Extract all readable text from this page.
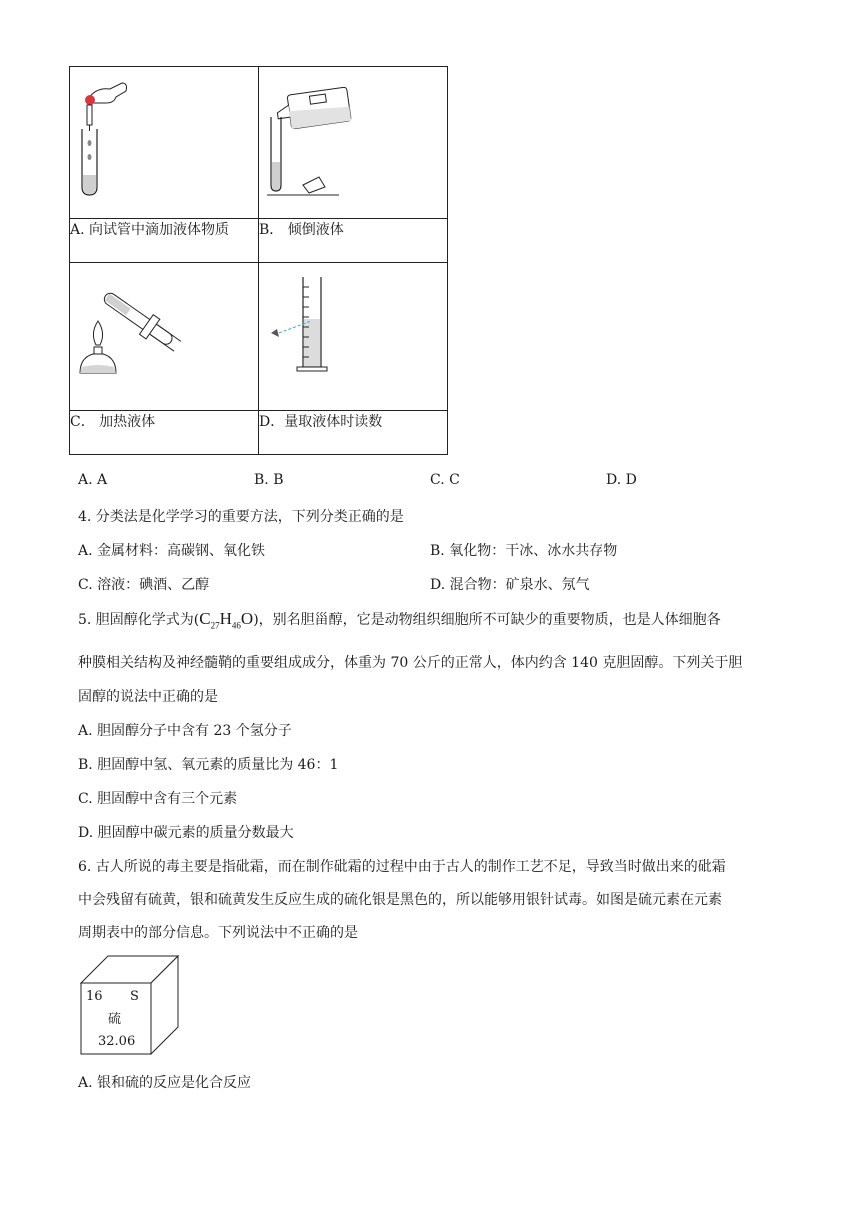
A. 向试管中滴加液体物质	B． 倾倒液体

C． 加热液体	D．量取液体时读数
A. A	B. B	C. C	D. D
4. 分类法是化学学习的重要方法，下列分类正确的是
A. 金属材料：高碳钢、氧化铁	B. 氧化物：干冰、冰水共存物
C. 溶液：碘酒、乙醇	D. 混合物：矿泉水、氖气
5. 胆固醇化学式为$(C_{27}H_{46}O)$，别名胆甾醇，它是动物组织细胞所不可缺少的重要物质，也是人体细胞各
种膜相关结构及神经髓鞘的重要组成成分，体重为 70 公斤的正常人，体内约含 140 克胆固醇。下列关于胆
固醇的说法中正确的是
A. 胆固醇分子中含有 23 个氢分子
B. 胆固醇中氢、氧元素的质量比为 46：1
C. 胆固醇中含有三个元素
D. 胆固醇中碳元素的质量分数最大
6. 古人所说的毒主要是指砒霜，而在制作砒霜的过程中由于古人的制作工艺不足，导致当时做出来的砒霜
中会残留有硫黄，银和硫黄发生反应生成的硫化银是黑色的，所以能够用银针试毒。如图是硫元素在元素
周期表中的部分信息。下列说法中不正确的是
16 S
硫
32.06
A. 银和硫的反应是化合反应
